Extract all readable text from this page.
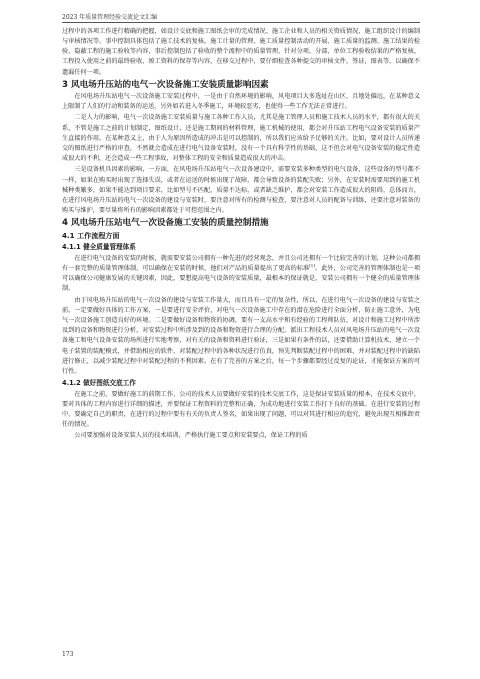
2023 年质量管理经验交流论文汇编

过程中的各项工作进行精确的把握，如设计交底和施工图纸会审的完成情况、施工企业和人员的相关资质情况、施工组织设计的编制与审核情况等。事中控制具体包括了施工技术的复核、施工计量的管理、施工质量控制活动的开展、施工质量的监测、施工结果的检验、隐蔽工程的施工验收等内容，事后控制包括了验收的整个流程中的质量管理，针对分项、分部、单位工程验收结果的严格复核、工程投入使用之前的最终验收、竣工资料的保存等内容，在移交过程中，要仔细检查各种提交的审核文件，签证，图表等，以确保不遗漏任何一项。

3 风电场升压站的电气一次设备施工安装质量影响因素

在风电场升压站电气一次设备施工安装过程中，一是由于自然环境的影响，风电项目大多选址在山区，且地处偏远，在某种意义上限制了人们的行动和装备的运送，另外如若进入冬季施工，环境较恶劣，也使得一些工作无法正常进行。

二是人力的影响，电气一次设备施工安装质量与施工各种工作人员，尤其是施工管理人员和施工技术人员的水平，都有很大的关系，不管是施工之前的计划制定，图纸设计，还是施工期间的材料管理，施工机械的使用，都会对升压站工程电气设备安装的质量产生直接的作用。在某种意义上，由于人为原因所造成的冲击是可以控制的，所以我们应该给予足够的关注。比如，要对设计人员所递交的图纸进行严格的审查，不然就会造成在进行电气设备安装时，没有一个具有科学性的基础，这不但会对电气设备安装的稳定性造成很大的不利，还会造成一些工程事故，对整体工程的安全和质量造成很大的冲击。

三是设备机具因素的影响，一方面，在风电场升压站电气一次设备建设中，需要安装多种类型的电气设备，这些设备的型号都不一样，如果在购买时出现了选择失误，或者在运送的时候出现了故障，都会导致设备的装配失败；另外，在安装时需要用到的施工机械种类繁多，如果不能达到项目要求，比如型号不匹配，质量不达标，或者缺乏维护，都会对安装工作造成很大的阻碍，总体而言，在进行风电场升压站的电气一次设备的建设与安装时，要注意对所有的检测与检查，要注意对人员的配备与训练，还要注意对装备的购买与维护，要尽量将所有的影响因素都处于可控范围之内。

4 风电场升压站电气一次设备施工安装的质量控制措施
4.1 工作流程方面
4.1.1 健全质量管理体系

在进行电气设备的安装的时候，就需要安装公司拥有一种先进的经营观念，并且公司还拥有一个比较完善的计划，这种公司都拥有一套完整的质量管理体制，可以确保在安装的时候，他们对产品的质量提出了更高的标准[1]。此外，公司完善的管理体制也是一项可以确保公司健康发展的关键因素，因此，要想提高电气设备的安装质量，最根本的保证就是，安装公司拥有一个健全的质量管理体制。

由于风电场升压站的电气一次设备的建设与安装工作量大，而且具有一定的复杂性，所以，在进行电气一次设备的建设与安装之前，一定要做好具体的工作方案，一是要进行安全评价，对电气一次设备施工中存在的潜在危险进行全面分析，防止施工意外，为电气一次设备施工创造良好的环境。二是要做好设备和物资的协调，要有一支高水平和有经验的工程师队伍，对设计和施工过程中所涉及到的设备和物资进行分析，对安装过程中所涉及到的设备和物资进行合理的分配。派出工程技术人员对风电场升压站的电气一次设备施工和电气设备安装的场所进行实地考察，对有关的设备和资料进行验证，三是如果有条件的话，还要借助计算机技术，建立一个电子装置的装配模式，并借助相应的软件，对装配过程中的各种状况进行仿真，预先判断装配过程中的困难，并对装配过程中的缺陷进行修正，以减少装配过程中对装配过程的不利因素。在有了完善的方案之后，每一个步骤都要经过反复的论证，才能保证方案的可行性。

4.1.2 做好图纸交底工作

在施工之前，要做好施工的前期工作，公司的技术人员要做好安装的技术交底工作，这是保证安装质量的根本，在技术交底中，要对具体的工程内容进行详细的描述，并要保证工程资料的完整和正确，为成功地进行安装工作打下良好的基础。在进行安装的过程中，要确定自己的职责，在进行的过程中要有有关的负责人签名，如果出现了问题，可以对其进行相应的追究，避免出现互相推卸责任的情况。

公司要加强对设备安装人员的技术培训，严格执行施工要点和安装要点，保证工程的质

173
